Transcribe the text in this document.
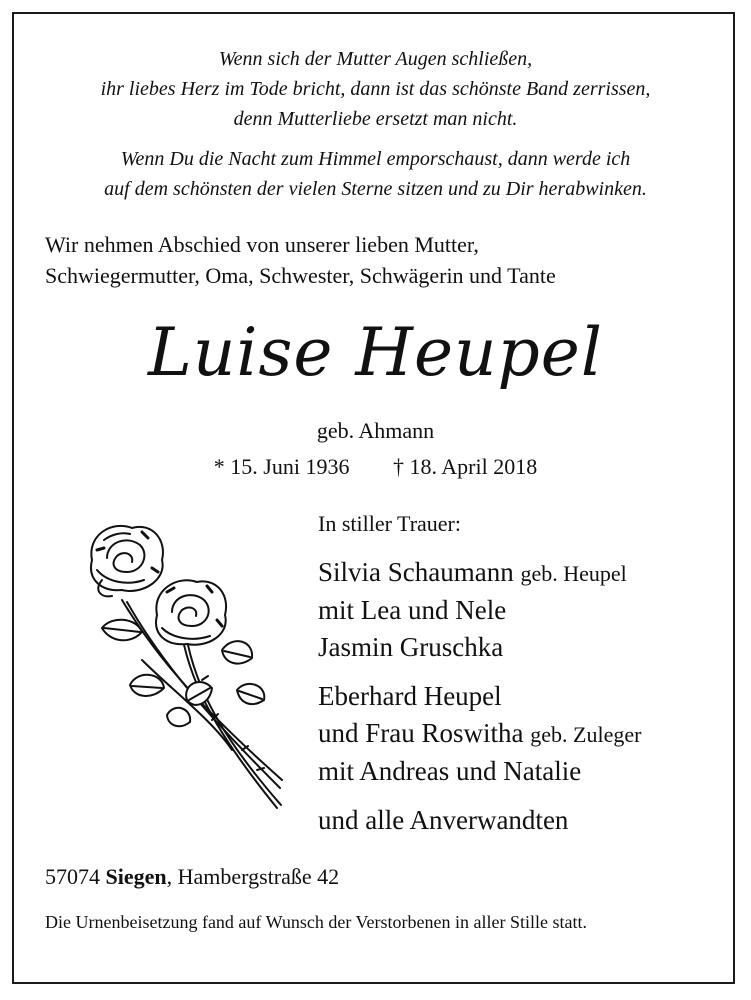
Wenn sich der Mutter Augen schließen,
ihr liebes Herz im Tode bricht, dann ist das schönste Band zerrissen,
denn Mutterliebe ersetzt man nicht.
Wenn Du die Nacht zum Himmel emporschaust, dann werde ich
auf dem schönsten der vielen Sterne sitzen und zu Dir herabwinken.
Wir nehmen Abschied von unserer lieben Mutter,
Schwiegermutter, Oma, Schwester, Schwägerin und Tante
Luise Heupel
geb. Ahmann
* 15. Juni 1936 † 18. April 2018
In stiller Trauer:
Silvia Schaumann geb. Heupel
mit Lea und Nele
Jasmin Gruschka
Eberhard Heupel
und Frau Roswitha geb. Zuleger
mit Andreas und Natalie
und alle Anverwandten
57074 Siegen, Hambergstraße 42
Die Urnenbeisetzung fand auf Wunsch der Verstorbenen in aller Stille statt.
